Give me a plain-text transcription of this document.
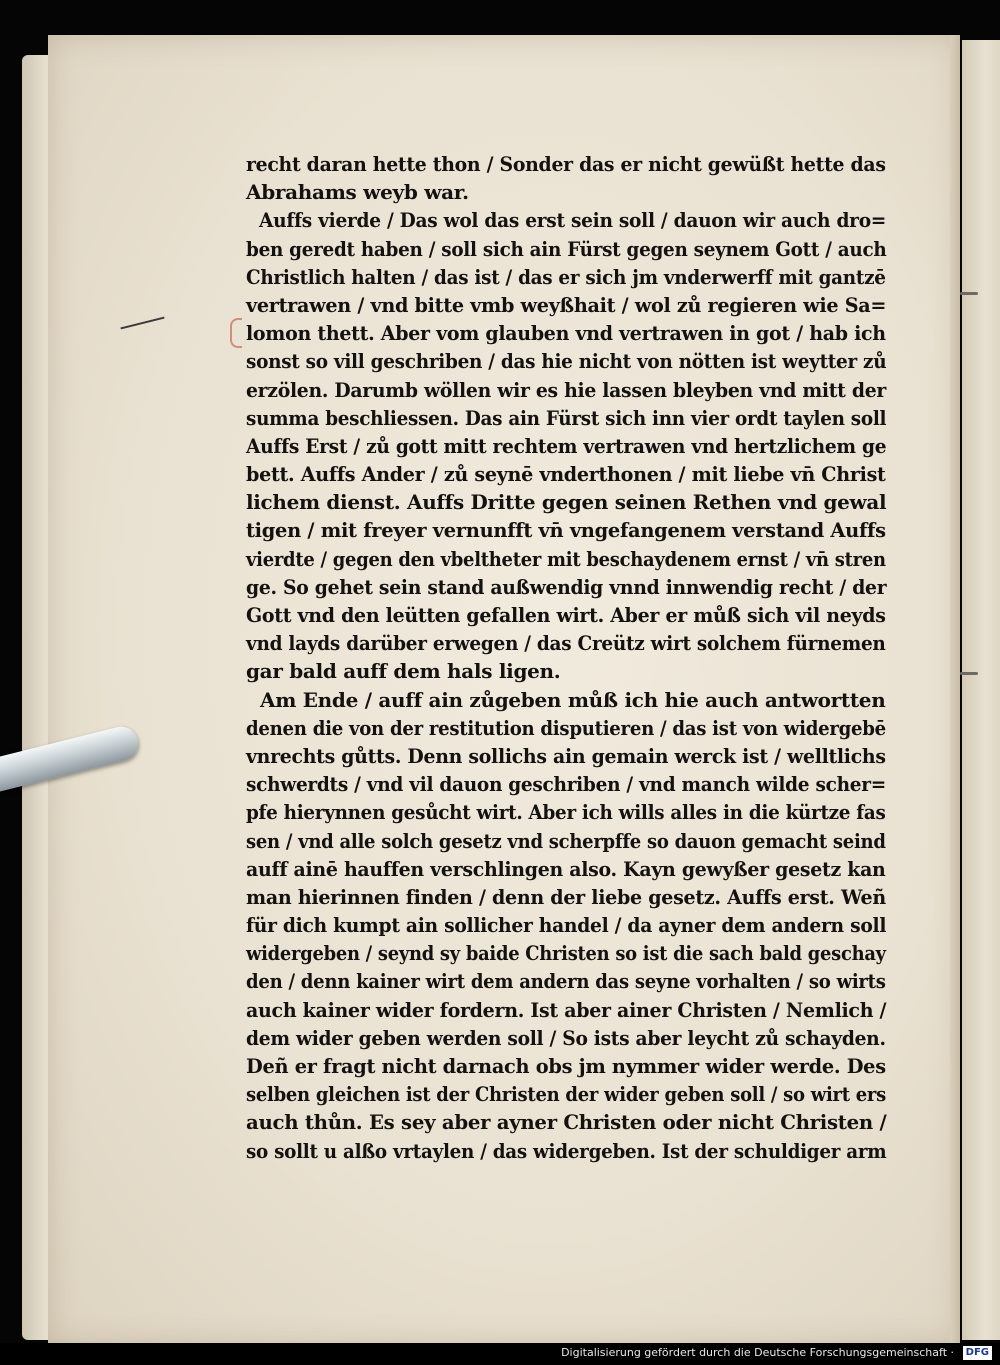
recht daran hette thon / Sonder das er nicht gewüßt hette das
Abrahams weyb war.
Auffs vierde / Das wol das erst sein soll / dauon wir auch dro=
ben geredt haben / soll sich ain Fürst gegen seynem Gott / auch
Christlich halten / das ist / das er sich jm vnderwerff mit gantzē
vertrawen / vnd bitte vmb weyßhait / wol zů regieren wie Sa=
lomon thett. Aber vom glauben vnd vertrawen in got / hab ich
sonst so vill geschriben / das hie nicht von nötten ist weytter zů
erzölen. Darumb wöllen wir es hie lassen bleyben vnd mitt der
summa beschliessen. Das ain Fürst sich inn vier ordt taylen soll
Auffs Erst / zů gott mitt rechtem vertrawen vnd hertzlichem ge
bett. Auffs Ander / zů seynē vnderthonen / mit liebe vn̄ Christ
lichem dienst. Auffs Dritte gegen seinen Rethen vnd gewal
tigen / mit freyer vernunfft vn̄ vngefangenem verstand Auffs
vierdte / gegen den vbeltheter mit beschaydenem ernst / vn̄ stren
ge. So gehet sein stand außwendig vnnd innwendig recht / der
Gott vnd den leütten gefallen wirt. Aber er můß sich vil neyds
vnd layds darüber erwegen / das Creütz wirt solchem fürnemen
gar bald auff dem hals ligen.
Am Ende / auff ain zůgeben můß ich hie auch antwortten
denen die von der restitution disputieren / das ist von widergebē
vnrechts gůtts. Denn sollichs ain gemain werck ist / welltlichs
schwerdts / vnd vil dauon geschriben / vnd manch wilde scher=
pfe hierynnen gesůcht wirt. Aber ich wills alles in die kürtze fas
sen / vnd alle solch gesetz vnd scherpffe so dauon gemacht seind
auff ainē hauffen verschlingen also. Kayn gewyßer gesetz kan
man hierinnen finden / denn der liebe gesetz. Auffs erst. Weñ
für dich kumpt ain sollicher handel / da ayner dem andern soll
widergeben / seynd sy baide Christen so ist die sach bald geschay
den / denn kainer wirt dem andern das seyne vorhalten / so wirts
auch kainer wider fordern. Ist aber ainer Christen / Nemlich /
dem wider geben werden soll / So ists aber leycht zů schayden.
Deñ er fragt nicht darnach obs jm nymmer wider werde. Des
selben gleichen ist der Christen der wider geben soll / so wirt ers
auch thůn. Es sey aber ayner Christen oder nicht Christen /
so sollt u alßo vrtaylen / das widergeben. Ist der schuldiger arm
Digitalisierung gefördert durch die Deutsche Forschungsgemeinschaft ·	DFG
